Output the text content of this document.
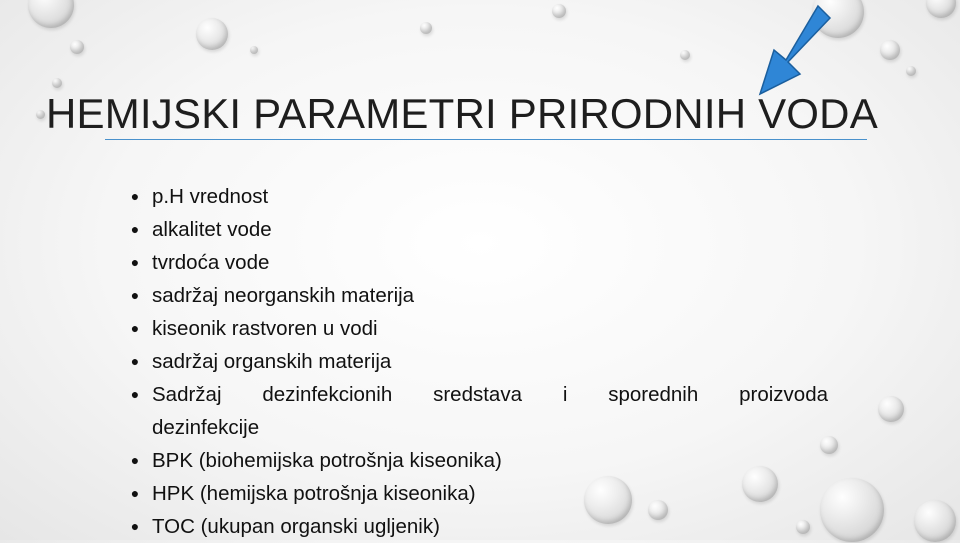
HEMIJSKI PARAMETRI PRIRODNIH VODA
● p.H vrednost
● alkalitet vode
● tvrdoća vode
● sadržaj neorganskih materija
● kiseonik rastvoren u vodi
● sadržaj organskih materija
● Sadržaj dezinfekcionih sredstava i sporednih proizvoda
dezinfekcije
● BPK (biohemijska potrošnja kiseonika)
● HPK (hemijska potrošnja kiseonika)
● TOC (ukupan organski ugljenik)
